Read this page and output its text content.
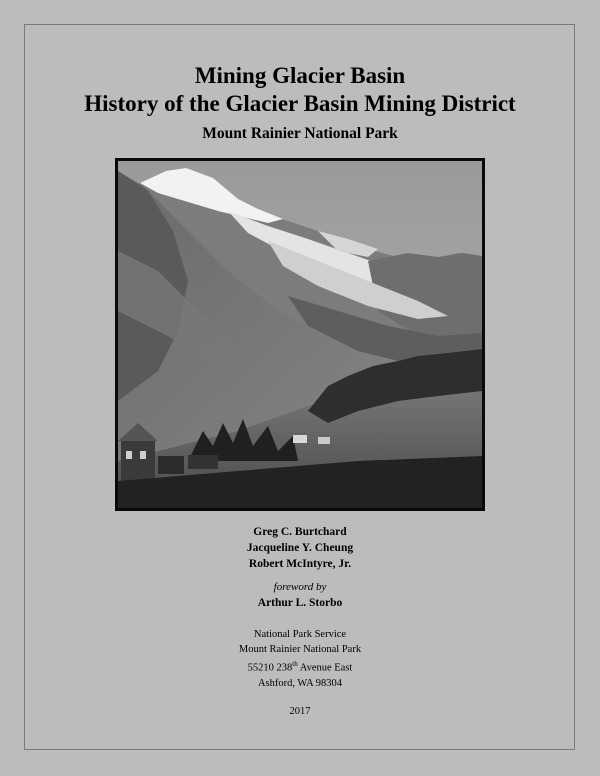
Mining Glacier Basin
History of the Glacier Basin Mining District
Mount Rainier National Park
Greg C. Burtchard
Jacqueline Y. Cheung
Robert McIntyre, Jr.
foreword by
Arthur L. Storbo
National Park Service
Mount Rainier National Park
55210 238th Avenue East
Ashford, WA 98304
2017
